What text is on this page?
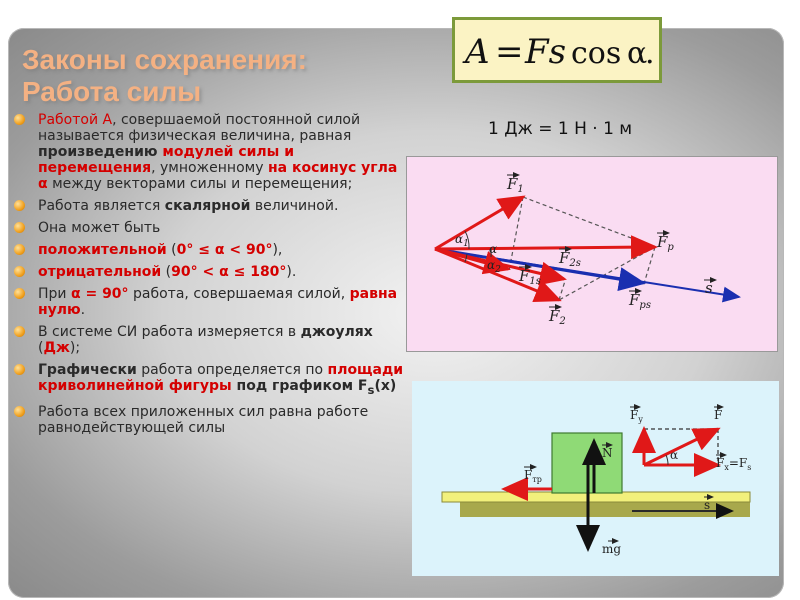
Законы сохранения:
Работа силы
A = Fs cos α
.
1 Дж = 1 Н · 1 м
Работой А, совершаемой постоянной силой называется физическая величина, равная произведению модулей силы и перемещения, умноженному на косинус угла α между векторами силы и перемещения;
Работа является скалярной величиной.
Она может быть
положительной (0° ≤ α < 90°),
отрицательной (90° < α ≤ 180°).
При α = 90° работа, совершаемая силой, равна нулю.
В системе СИ работа измеряется в джоулях (Дж);
Графически работа определяется по площади криволинейной фигуры под графиком $F_s(x)$
Работа всех приложенных сил равна работе равнодействующей силы
$F_1$
$F_2$
$F_р$
$F_{1s}$
$F_{2s}$
$F_{рs}$
s
α
$\alpha_1$
$\alpha_2$
$F_y$	F
N	α
$F_x=F_s$
$F_{тр}$
s
mg
